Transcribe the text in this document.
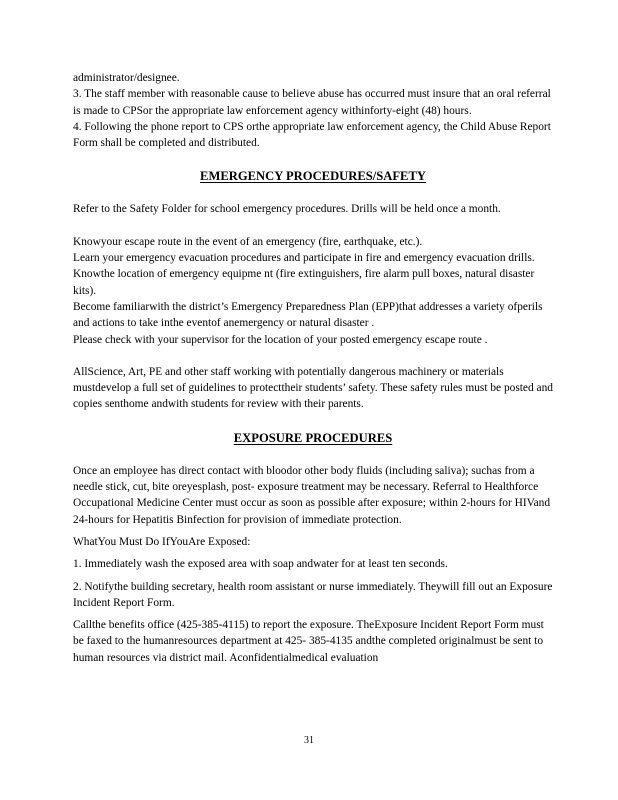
administrator/designee.

3. The staff member with reasonable cause to believe abuse has occurred must insure that an oral referral is made to CPSor the appropriate law enforcement agency withinforty-eight (48) hours.

4. Following the phone report to CPS orthe appropriate law enforcement agency, the Child Abuse Report Form shall be completed and distributed.

EMERGENCY PROCEDURES/SAFETY

Refer to the Safety Folder for school emergency procedures. Drills will be held once a month.

Knowyour escape route in the event of an emergency (fire, earthquake, etc.).

Learn your emergency evacuation procedures and participate in fire and emergency evacuation drills.

Knowthe location of emergency equipme nt (fire extinguishers, fire alarm pull boxes, natural disaster kits).

Become familiarwith the district’s Emergency Preparedness Plan (EPP)that addresses a variety ofperils and actions to take inthe eventof anemergency or natural disaster .

Please check with your supervisor for the location of your posted emergency escape route .

AllScience, Art, PE and other staff working with potentially dangerous machinery or materials mustdevelop a full set of guidelines to protecttheir students’ safety. These safety rules must be posted and copies senthome andwith students for review with their parents.

EXPOSURE PROCEDURES

Once an employee has direct contact with bloodor other body fluids (including saliva); suchas from a needle stick, cut, bite oreyesplash, post- exposure treatment may be necessary. Referral to Healthforce Occupational Medicine Center must occur as soon as possible after exposure; within 2-hours for HIVand 24-hours for Hepatitis Binfection for provision of immediate protection.

WhatYou Must Do IfYouAre Exposed:

1. Immediately wash the exposed area with soap andwater for at least ten seconds.

2. Notifythe building secretary, health room assistant or nurse immediately. Theywill fill out an Exposure Incident Report Form.

Callthe benefits office (425-385-4115) to report the exposure. TheExposure Incident Report Form must be faxed to the humanresources department at 425- 385-4135 andthe completed originalmust be sent to human resources via district mail. Aconfidentialmedical evaluation

31
